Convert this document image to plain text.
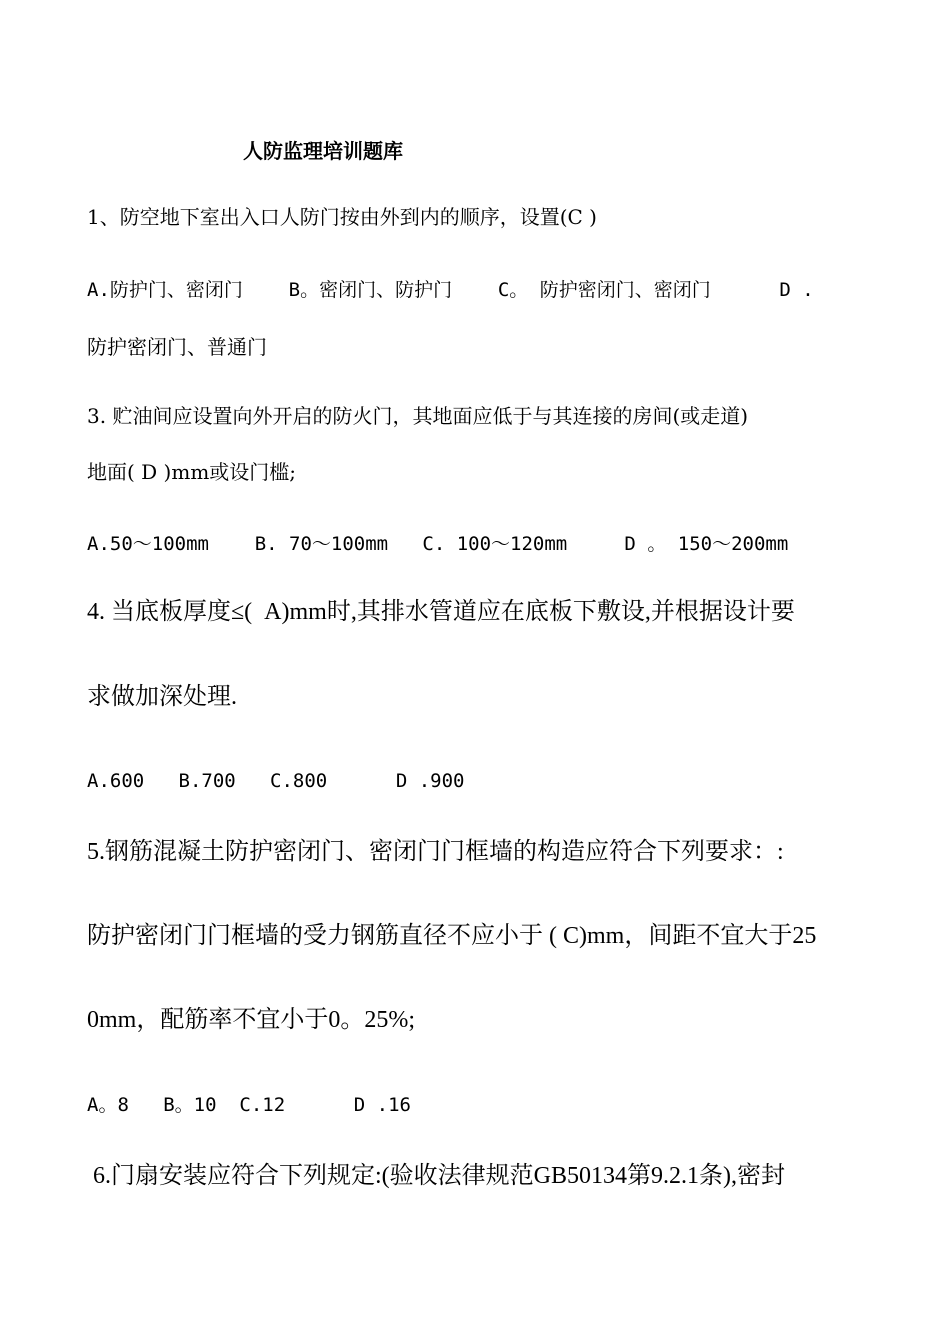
人防监理培训题库
1、防空地下室出入口人防门按由外到内的顺序，设置(C )
A.防护门、密闭门    B。密闭门、防护门    C。 防护密闭门、密闭门      D .
防护密闭门、普通门
3. 贮油间应设置向外开启的防火门，其地面应低于与其连接的房间(或走道)
地面( D )mm或设门槛;
A.50～100mm    B. 70～100mm   C. 100～120mm     D 。 150～200mm
4. 当底板厚度≤(  A)mm时,其排水管道应在底板下敷设,并根据设计要
求做加深处理.
A.600   B.700   C.800      D .900
5.钢筋混凝土防护密闭门、密闭门门框墙的构造应符合下列要求：:
防护密闭门门框墙的受力钢筋直径不应小于 ( C)mm，间距不宜大于25
0mm，配筋率不宜小于0。25%;
A。8   B。10  C.12      D .16
6.门扇安装应符合下列规定:(验收法律规范GB50134第9.2.1条),密封
